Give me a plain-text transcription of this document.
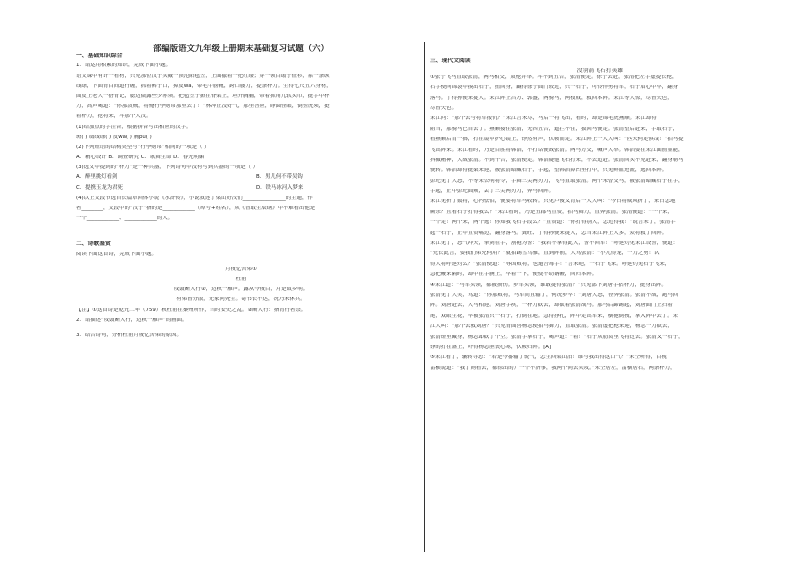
部编版语文九年级上册期末基础复习试题（六）

一、基础知识综合

1．请运用积累的知识，完成下面小题。

语文课中有许一看材，只见那位汉子头戴一顶范阳毡笠，上面撒着一把红缨；穿一领白缎子征衫，系一条纵

线绦，下面青白间道行缠，抓着裤子口，獐皮wa，带毛牛膀靴，跨口腰刀，提条朴刀。生得七尺五六身材，

面皮上老大一搭青记，腮边微露些少赤须。把毡笠子掀在脊梁上，坦开胸脯，带着抓角儿软头巾，挺手中朴

刀，高声喝道：“你那泼贼，将俺行李财帛那里去了！”林冲正没好气，那里答应，睁圆怪眼，倒竖虎须，挺

着朴刀，抢将来，斗那个大汉。

(1)给加点的字注音，根据拼音写出相应的汉字。

斑( ) 缀线绦( ) 皮wa( ) 胸pú( )

(2)下列短语的结构类型与“行李财帛”相同的一项是（ ）

A．精心设计 B．调查研究 C．歌舞生命 D．春光明媚

(3)选文中提到的“朴刀”是一种兵器，下列诗句中没有写到兵器的一项是（ ）

A．醉里挑灯看剑	B．男儿何不带吴钩
C．提携玉龙为君死	D．铁马冰河入梦来

(4)以上文段节选自长篇章回体小说《水浒传》，小说叙述了梁山好汉们________________的主题，作

者________，文段中的“汉子”指的是____________（绰号+姓名），从《智取生辰纲》中不难看出他是

一个____________、____________的人。

二、诗歌鉴赏

阅读下面这首诗，完成下面小题。

月夜忆舍弟①

杜甫

戍鼓断人行②，边秋一雁声。露从今夜白，月是故乡明。

有弟皆分散，无家问死生。寄书长不达，况乃未休兵。

【注】①这首诗是乾元二年（759）秋杜甫在秦州所作，当时安史之乱。②断人行：指宵行者禁。

2．请描述“戍鼓断人行，边秋一雁声”的画面。

3．结合诗句，分析杜甫月夜忆舍弟的原因。

三、现代文阅读

没羽箭飞石打英雄

①张宁飞马直取张清，两马相交，双枪并举。斗不到五合，张清便走。徐宁去赶，张清把左手虚提长枪，

右手便向锦袋中摸出石子，扭回身，觑得徐宁面门较近，只一石子，可怜悍勇将军，石子眉心中早，翻身

落马。丁得孙便来捉人。宋江阵上吕方、郭盛，两骑马，两枝戟，救回本阵。宋江等大惊，尽皆失色，

尽皆失色。

宋江问：“那个去与将军报仇？”宋江言未尽，马后一将飞出，看时，却是锦毛虎燕顺。宋江却待

阻当，那骑马已自去了。燕顺接住张清，无四五合，遮拦不住，拔回马便走。张清望后赶来，手取石子，

看燕顺后背一掷，打在镜甲护心镜上，铮然有声，伏鞍而走。宋江阵上一人大叫：“匹夫何足惧哉！”拍马提

飞出阵来。宋江看时，乃是百胜将韩滔，不打话便战张清。两马方交，喊声大举。韩滔要在宋江面前显能，

抖擞精神，大战张清。不到十合，张清便走。韩滔疑他飞石打来，不去追赶。张清回头不见赶来，翻身勒马

便转。韩滔却待挺槊来迎，被张清暗藏石子，手起，望韩滔鼻凹里打中，只见鲜血迸流，逃回本阵。

彭玘见了大怒，不等宋公明将令，手舞三尖两刃刀，飞马直取张清。两个未曾交马，被张清暗藏石子在手，

手起，正中彭玘面颊，丢了三尖两刃刀，奔马回阵。

宋江见折了数将，心内怯怕，便要将军马收转。只见卢俊义背后一人大叫：“今日将威风折了，来日怎地

厮杀？且看石子打得我么？”宋江看时，乃是丑郡马宣赞，拍马舞刀，直奔张清。张清便道：“一个来，

一个走！两个来，两个逃！你知我飞石手段么？”宣赞道：“你打得别人，怎近得我！”说言未了，张清手

起一石子，正中宣赞嘴边，翻身落马。龚旺、丁得孙便来捉人，怎当宋江阵上人多，众将救了回阵。

宋江见了，怒气冲天，掣剑在手，割袍为誓：“我若不拿得此人，誓不回军！”呼延灼见宋江设誓，便道：

“兄长此言，要我们弟兄何用？”就拍踢雪乌骓，直到阵前，大骂张清：“小儿得宠，一力之勇！认

得大将呼延灼么？”张清便道：“辱国败将，也遭吾毒手！”言未绝，一石子飞来。呼延灼见石子飞来，

急把鞭来隔时，却中在手腕上，早着一下，便使不动钢鞭，回归本阵。

④宋江道：“马军头领，都被损伤。步军头领，谁敢捉得张清？”只见部下刘唐手拈朴刀，挺身出阵。

张清见了大笑，骂道：“你那败将，马军尚且输了，何况步卒！”刘唐大怒，径奔张清。张清不战，跑马回

阵。刘唐赶去，人马相迎。刘唐手疾，一朴刀砍去，却砍着张清战马。那马后蹄踢起，刘唐面门上扫着

尾，双眼生花，早被张清只一石子，打倒在地。急待挣扎，阵中走出军来，横拖倒拽，拿入阵中去了。宋

江大叫：“那个去救刘唐？”只见青面兽杨志便拍马舞刀，直取张清。张清虚把枪来迎，杨志一刀砍去，

张清镫里藏身，杨志却砍了个空。张清手拿石子，喝声道：“着！”石子从肋窝里飞将过去。张清又一石子，

铮的打在盔上，吓得杨志胆丧心寒，伏鞍归阵。[A]

⑤宋江看了，辗转寻思：“若是今番输了锐气，怎生回梁山泊！谁与我出得这口气？”朱仝听得，目视

雷横说道：“我了则看去，都惊出的）一个不济事，我两个同去夹攻。”朱仝居左，雷横居右，两条朴刀，
